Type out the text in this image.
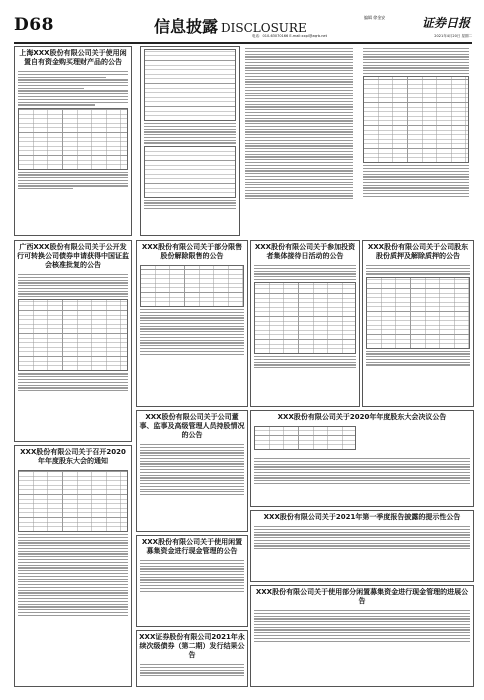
D68	信息披露 DISCLOSURE
编辑 徐金安
电话：010-63070166 E-mail:xxpl@zqrb.net	2021年4月20日 星期二
证券日报
上海XXX股份有限公司关于使用闲置自有资金购买理财产品的公告
广西XXX股份有限公司关于公开发行可转换公司债券申请获得中国证监会核准批复的公告
XXX股份有限公司关于部分限售股份解除限售的公告
XXX股份有限公司关于参加投资者集体接待日活动的公告
XXX股份有限公司关于公司股东股份质押及解除质押的公告
XXX股份有限公司关于公司董事、监事及高级管理人员持股情况的公告
XXX股份有限公司关于2020年年度股东大会决议公告
XXX股份有限公司关于2021年第一季度报告披露的提示性公告
XXX股份有限公司关于使用闲置募集资金进行现金管理的公告
XXX股份有限公司关于召开2020年年度股东大会的通知
XXX证券股份有限公司2021年永续次级债券（第二期）发行结果公告
XXX股份有限公司关于使用部分闲置募集资金进行现金管理的进展公告
